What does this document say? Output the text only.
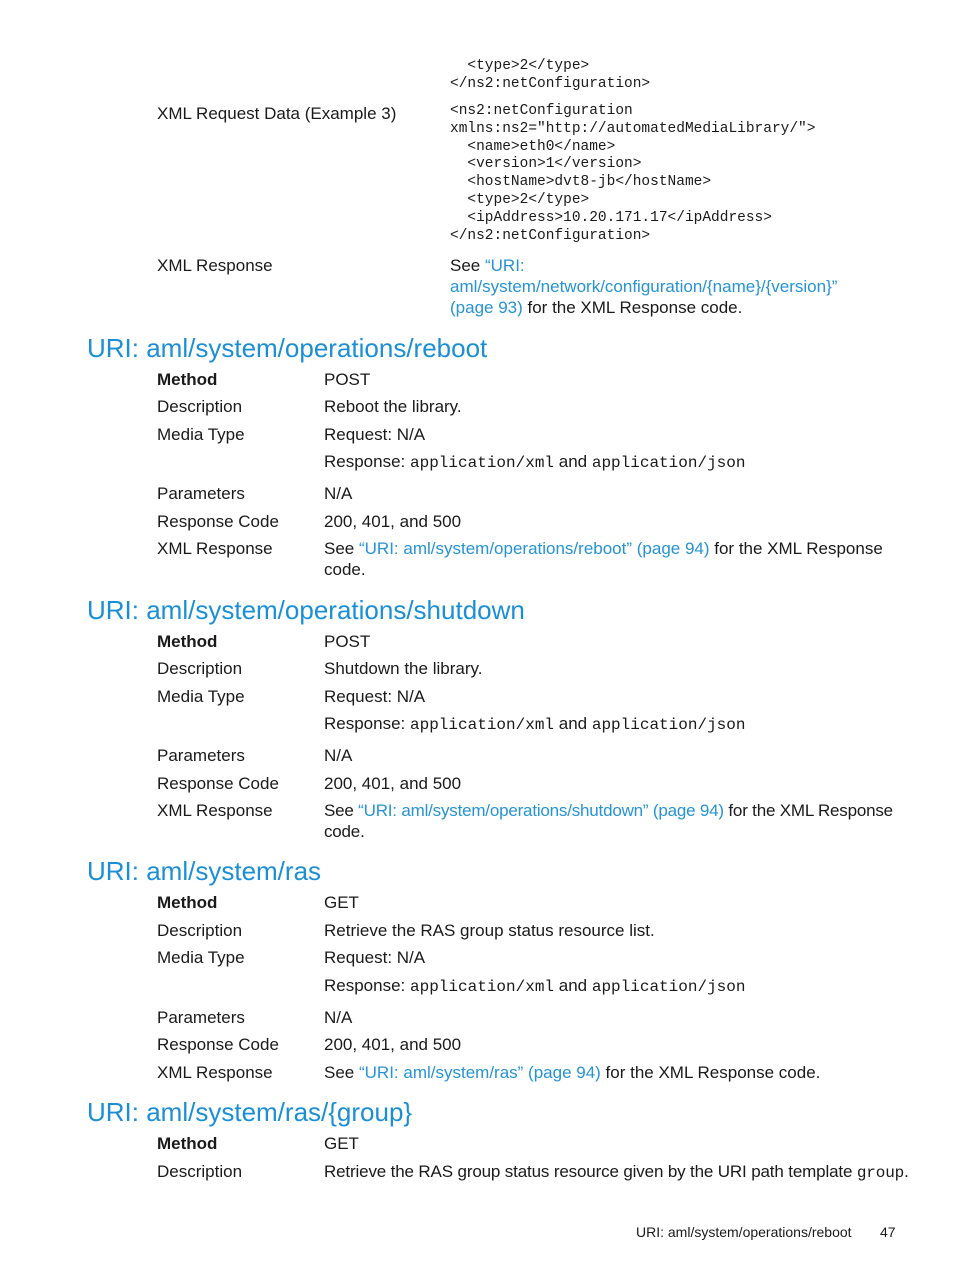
<type>2</type>
</ns2:netConfiguration>
XML Request Data (Example 3)	<ns2:netConfiguration
xmlns:ns2="http://automatedMediaLibrary/">
<name>eth0</name>
<version>1</version>
<hostName>dvt8-jb</hostName>
<type>2</type>
<ipAddress>10.20.171.17</ipAddress>
</ns2:netConfiguration>
XML Response	See “URI:
aml/system/network/configuration/{name}/{version}”
(page 93) for the XML Response code.
URI: aml/system/operations/reboot
Method	POST
Description	Reboot the library.
Media Type	Request: N/A
Response: application/xml and application/json
Parameters	N/A
Response Code	200, 401, and 500
XML Response	See “URI: aml/system/operations/reboot” (page 94) for the XML Response
code.
URI: aml/system/operations/shutdown
Method	POST
Description	Shutdown the library.
Media Type	Request: N/A
Response: application/xml and application/json
Parameters	N/A
Response Code	200, 401, and 500
XML Response	See “URI: aml/system/operations/shutdown” (page 94) for the XML Response
code.
URI: aml/system/ras
Method	GET
Description	Retrieve the RAS group status resource list.
Media Type	Request: N/A
Response: application/xml and application/json
Parameters	N/A
Response Code	200, 401, and 500
XML Response	See “URI: aml/system/ras” (page 94) for the XML Response code.
URI: aml/system/ras/{group}
Method	GET
Description	Retrieve the RAS group status resource given by the URI path template group.
URI: aml/system/operations/reboot 47
